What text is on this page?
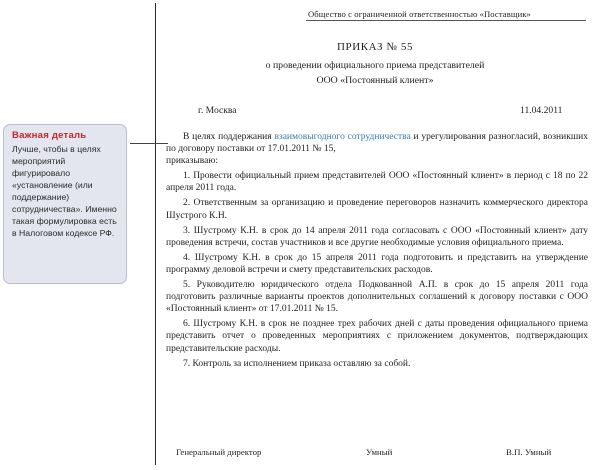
Общество с ограниченной ответственностью «Поставщик»
ПРИКАЗ № 55
о проведении официального приема представителей
ООО «Постоянный клиент»
г. Москва	11.04.2011

В целях поддержания взаимовыгодного сотрудничества и урегулирования разногласий, возникших по договору поставки от 17.01.2011 № 15,

приказываю:

1. Провести официальный прием представителей ООО «Постоянный клиент» в период с 18 по 22 апреля 2011 года.

2. Ответственным за организацию и проведение переговоров назначить коммерческого директора Шустрого К.Н.

3. Шустрому К.Н. в срок до 14 апреля 2011 года согласовать с ООО «Постоянный клиент» дату проведения встречи, состав участников и все другие необходимые условия официального приема.

4. Шустрому К.Н. в срок до 15 апреля 2011 года подготовить и представить на утверждение программу деловой встречи и смету представительских расходов.

5. Руководителю юридического отдела Подкованной А.П. в срок до 15 апреля 2011 года подготовить различные варианты проектов дополнительных соглашений к договору поставки с ООО «Постоянный клиент» от 17.01.2011 № 15.

6. Шустрому К.Н. в срок не позднее трех рабочих дней с даты проведения официального приема представить отчет о проведенных мероприятиях с приложением документов, подтверждающих представительские расходы.

7. Контроль за исполнением приказа оставляю за собой.

Генеральный директор	Умный	В.П. Умный
Важная деталь
Лучше, чтобы в целях мероприятий фигурировало «установление (или поддержание) сотрудничества». Именно такая формулировка есть в Налоговом кодексе РФ.
